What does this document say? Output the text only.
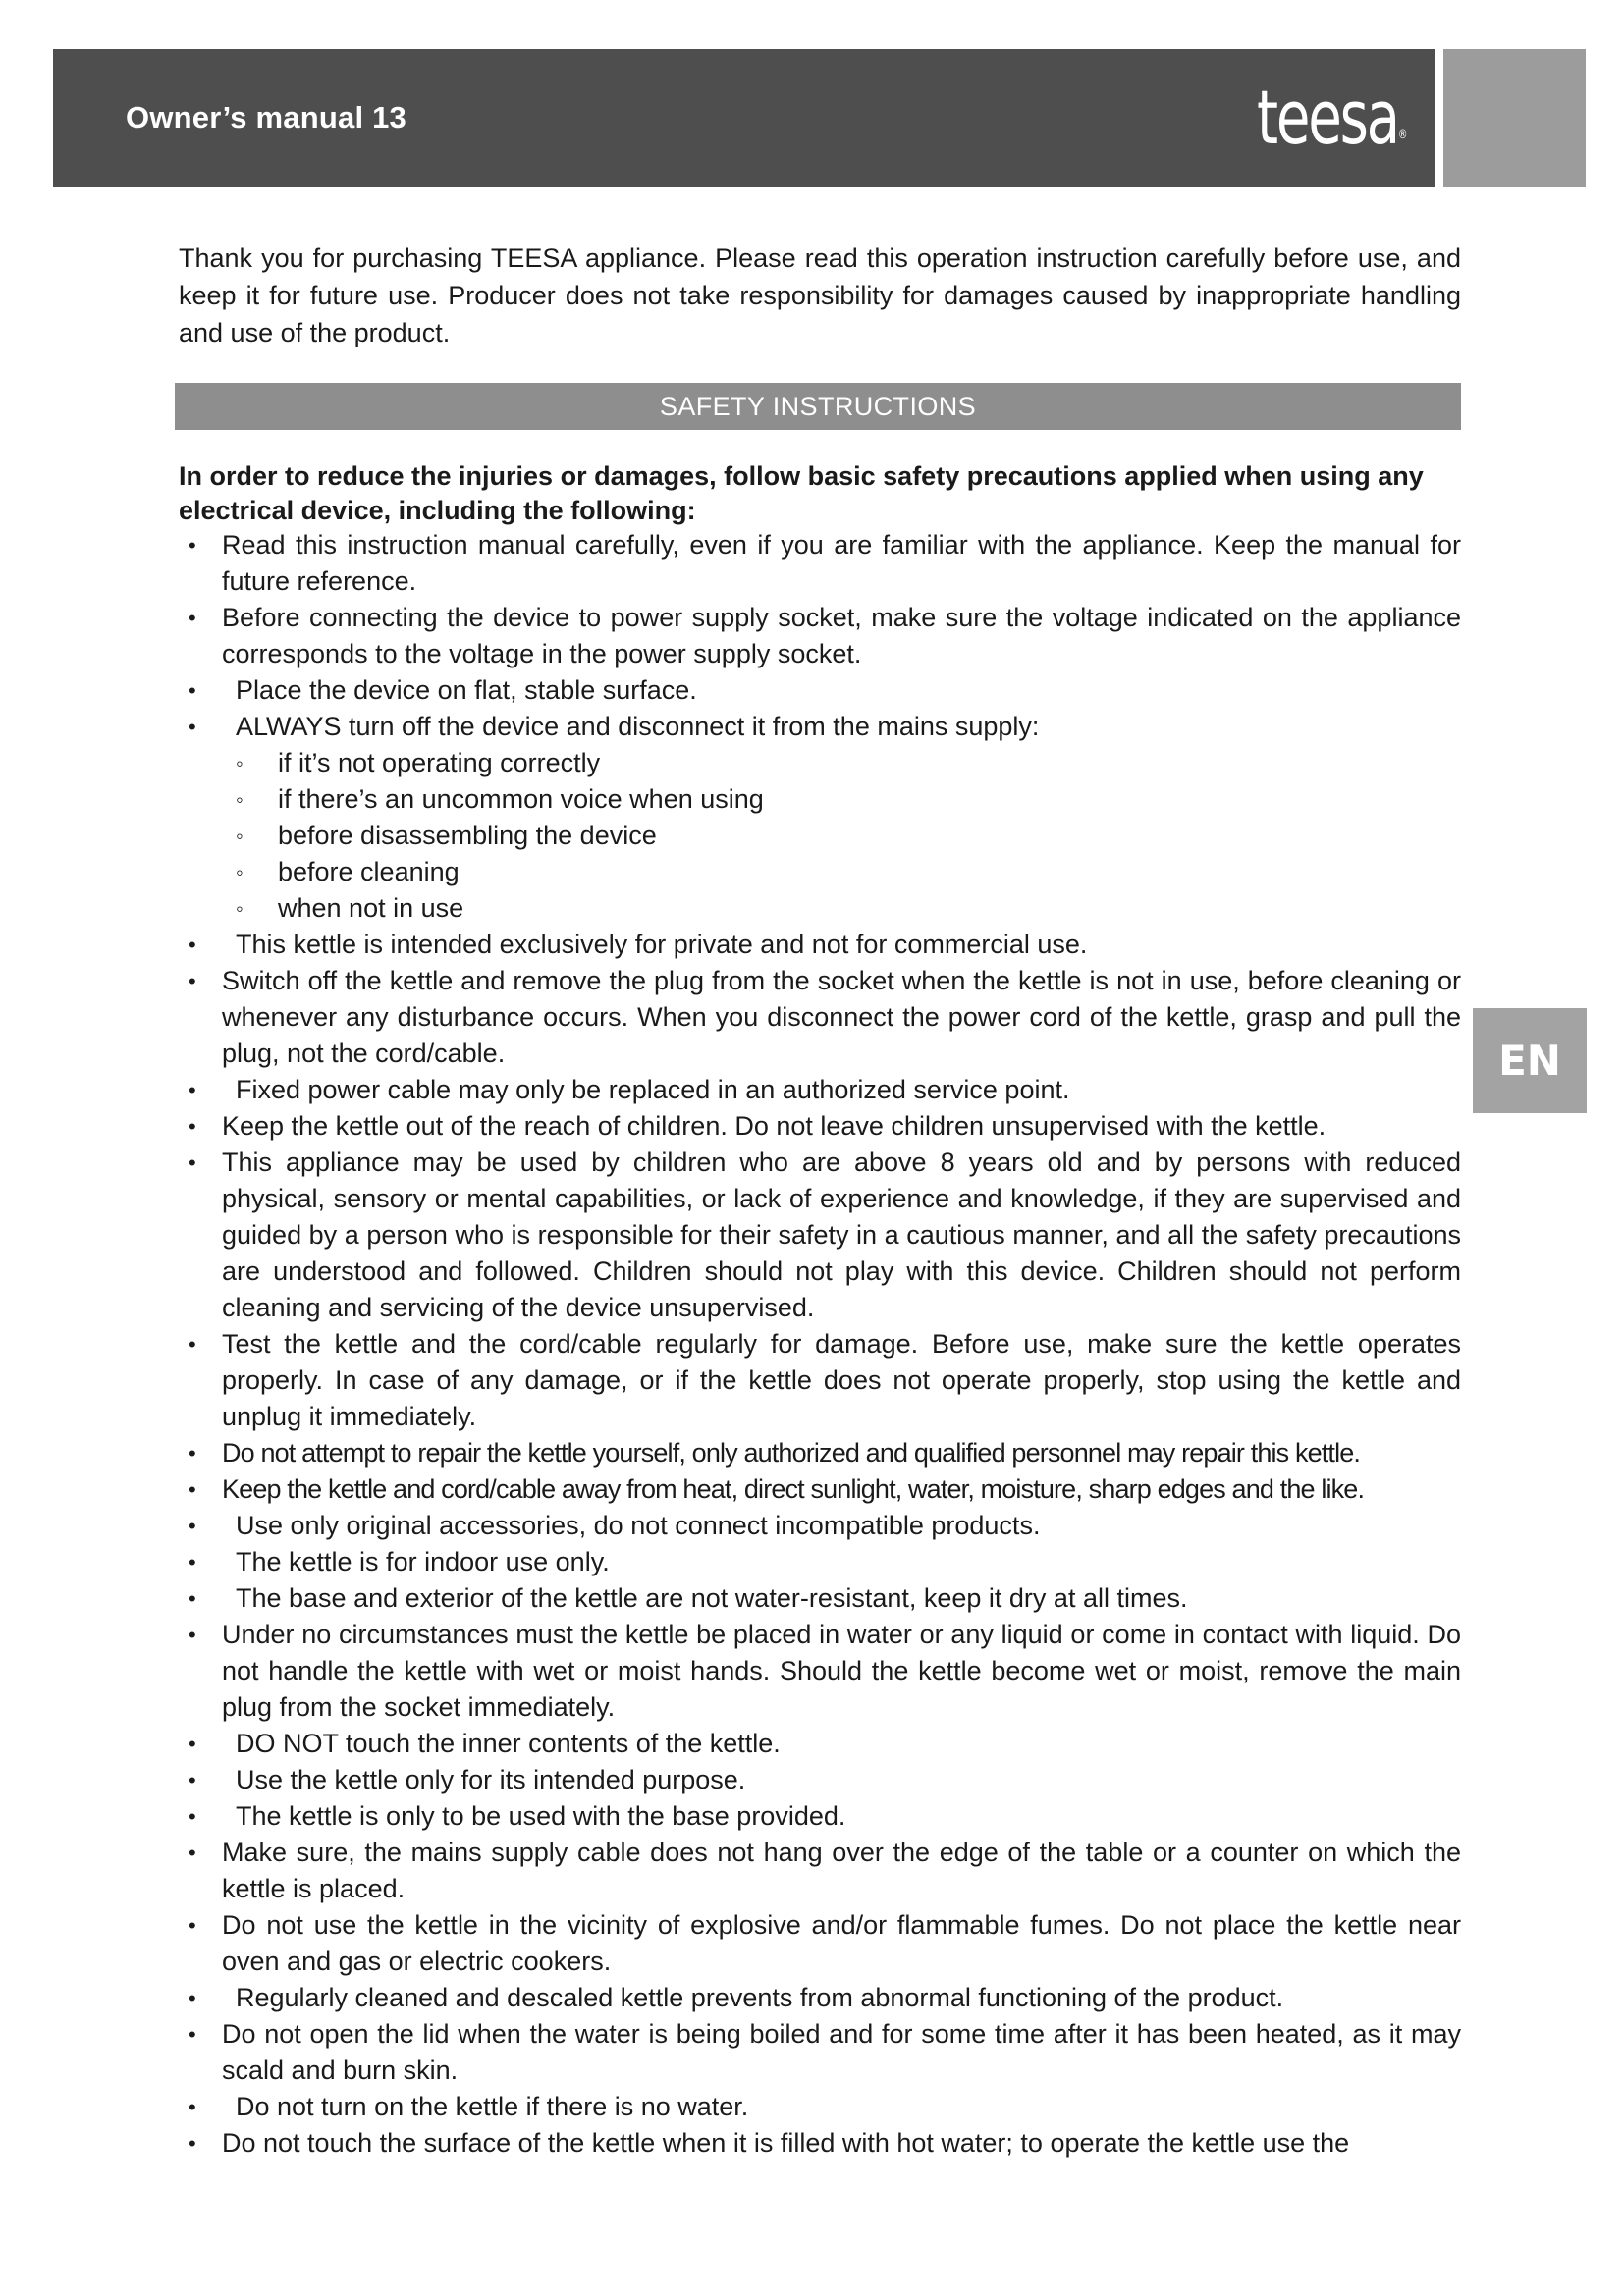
Owner’s manual 13	teesa®
EN

Thank you for purchasing TEESA appliance. Please read this operation instruction carefully before use, and keep it for future use. Producer does not take responsibility for damages caused by inappropriate handling and use of the product.

SAFETY INSTRUCTIONS

In order to reduce the injuries or damages, follow basic safety precautions applied when using any electrical device, including the following:

• Read this instruction manual carefully, even if you are familiar with the appliance. Keep the manual for future reference.
• Before connecting the device to power supply socket, make sure the voltage indicated on the appliance corresponds to the voltage in the power supply socket.
•	Place the device on flat, stable surface.
•	ALWAYS turn off the device and disconnect it from the mains supply:
◦ if it’s not operating correctly
◦ if there’s an uncommon voice when using
◦ before disassembling the device
◦ before cleaning
◦ when not in use
•	This kettle is intended exclusively for private and not for commercial use.
• Switch off the kettle and remove the plug from the socket when the kettle is not in use, before cleaning or whenever any disturbance occurs. When you disconnect the power cord of the kettle, grasp and pull the plug, not the cord/cable.
•	Fixed power cable may only be replaced in an authorized service point.
• Keep the kettle out of the reach of children. Do not leave children unsupervised with the kettle.
• This appliance may be used by children who are above 8 years old and by persons with reduced physical, sensory or mental capabilities, or lack of experience and knowledge, if they are supervised and guided by a person who is responsible for their safety in a cautious manner, and all the safety precautions are understood and followed. Children should not play with this device. Children should not perform cleaning and servicing of the device unsupervised.
• Test the kettle and the cord/cable regularly for damage. Before use, make sure the kettle operates properly. In case of any damage, or if the kettle does not operate properly, stop using the kettle and unplug it immediately.
•	Do not attempt to repair the kettle yourself, only authorized and qualified personnel may repair this kettle.
•	Keep the kettle and cord/cable away from heat, direct sunlight, water, moisture, sharp edges and the like.
•	Use only original accessories, do not connect incompatible products.
•	The kettle is for indoor use only.
•	The base and exterior of the kettle are not water-resistant, keep it dry at all times.
• Under no circumstances must the kettle be placed in water or any liquid or come in contact with liquid. Do not handle the kettle with wet or moist hands. Should the kettle become wet or moist, remove the main plug from the socket immediately.
•	DO NOT touch the inner contents of the kettle.
•	Use the kettle only for its intended purpose.
•	The kettle is only to be used with the base provided.
• Make sure, the mains supply cable does not hang over the edge of the table or a counter on which the kettle is placed.
• Do not use the kettle in the vicinity of explosive and/or flammable fumes. Do not place the kettle near oven and gas or electric cookers.
•	Regularly cleaned and descaled kettle prevents from abnormal functioning of the product.
• Do not open the lid when the water is being boiled and for some time after it has been heated, as it may scald and burn skin.
•	Do not turn on the kettle if there is no water.
• Do not touch the surface of the kettle when it is filled with hot water; to operate the kettle use the
